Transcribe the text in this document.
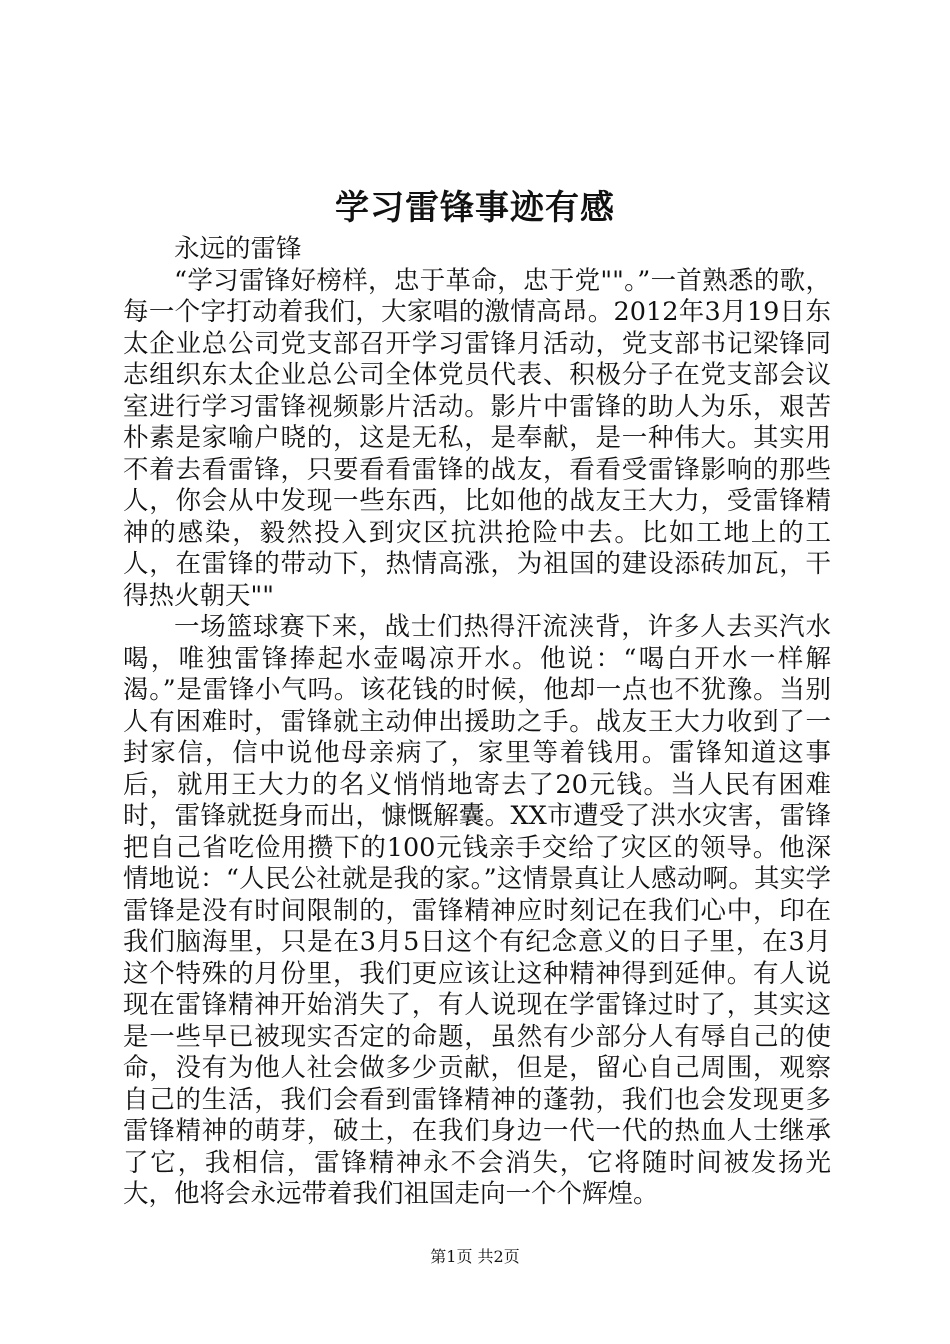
学习雷锋事迹有感

永远的雷锋

“学习雷锋好榜样，忠于革命，忠于党""。”一首熟悉的歌，每一个字打动着我们，大家唱的激情高昂。2012年3月19日东太企业总公司党支部召开学习雷锋月活动，党支部书记梁锋同志组织东太企业总公司全体党员代表、积极分子在党支部会议室进行学习雷锋视频影片活动。影片中雷锋的助人为乐，艰苦朴素是家喻户晓的，这是无私，是奉献，是一种伟大。其实用不着去看雷锋，只要看看雷锋的战友，看看受雷锋影响的那些人，你会从中发现一些东西，比如他的战友王大力，受雷锋精神的感染，毅然投入到灾区抗洪抢险中去。比如工地上的工人，在雷锋的带动下，热情高涨，为祖国的建设添砖加瓦，干得热火朝天""

一场篮球赛下来，战士们热得汗流浃背，许多人去买汽水喝，唯独雷锋捧起水壶喝凉开水。他说：“喝白开水一样解渴。”是雷锋小气吗。该花钱的时候，他却一点也不犹豫。当别人有困难时，雷锋就主动伸出援助之手。战友王大力收到了一封家信，信中说他母亲病了，家里等着钱用。雷锋知道这事后，就用王大力的名义悄悄地寄去了20元钱。当人民有困难时，雷锋就挺身而出，慷慨解囊。XX市遭受了洪水灾害，雷锋把自己省吃俭用攒下的100元钱亲手交给了灾区的领导。他深情地说：“人民公社就是我的家。”这情景真让人感动啊。其实学雷锋是没有时间限制的，雷锋精神应时刻记在我们心中，印在我们脑海里，只是在3月5日这个有纪念意义的日子里，在3月这个特殊的月份里，我们更应该让这种精神得到延伸。有人说现在雷锋精神开始消失了，有人说现在学雷锋过时了，其实这是一些早已被现实否定的命题，虽然有少部分人有辱自己的使命，没有为他人社会做多少贡献，但是，留心自己周围，观察自己的生活，我们会看到雷锋精神的蓬勃，我们也会发现更多雷锋精神的萌芽，破土，在我们身边一代一代的热血人士继承了它，我相信，雷锋精神永不会消失，它将随时间被发扬光大，他将会永远带着我们祖国走向一个个辉煌。

第1页 共2页
